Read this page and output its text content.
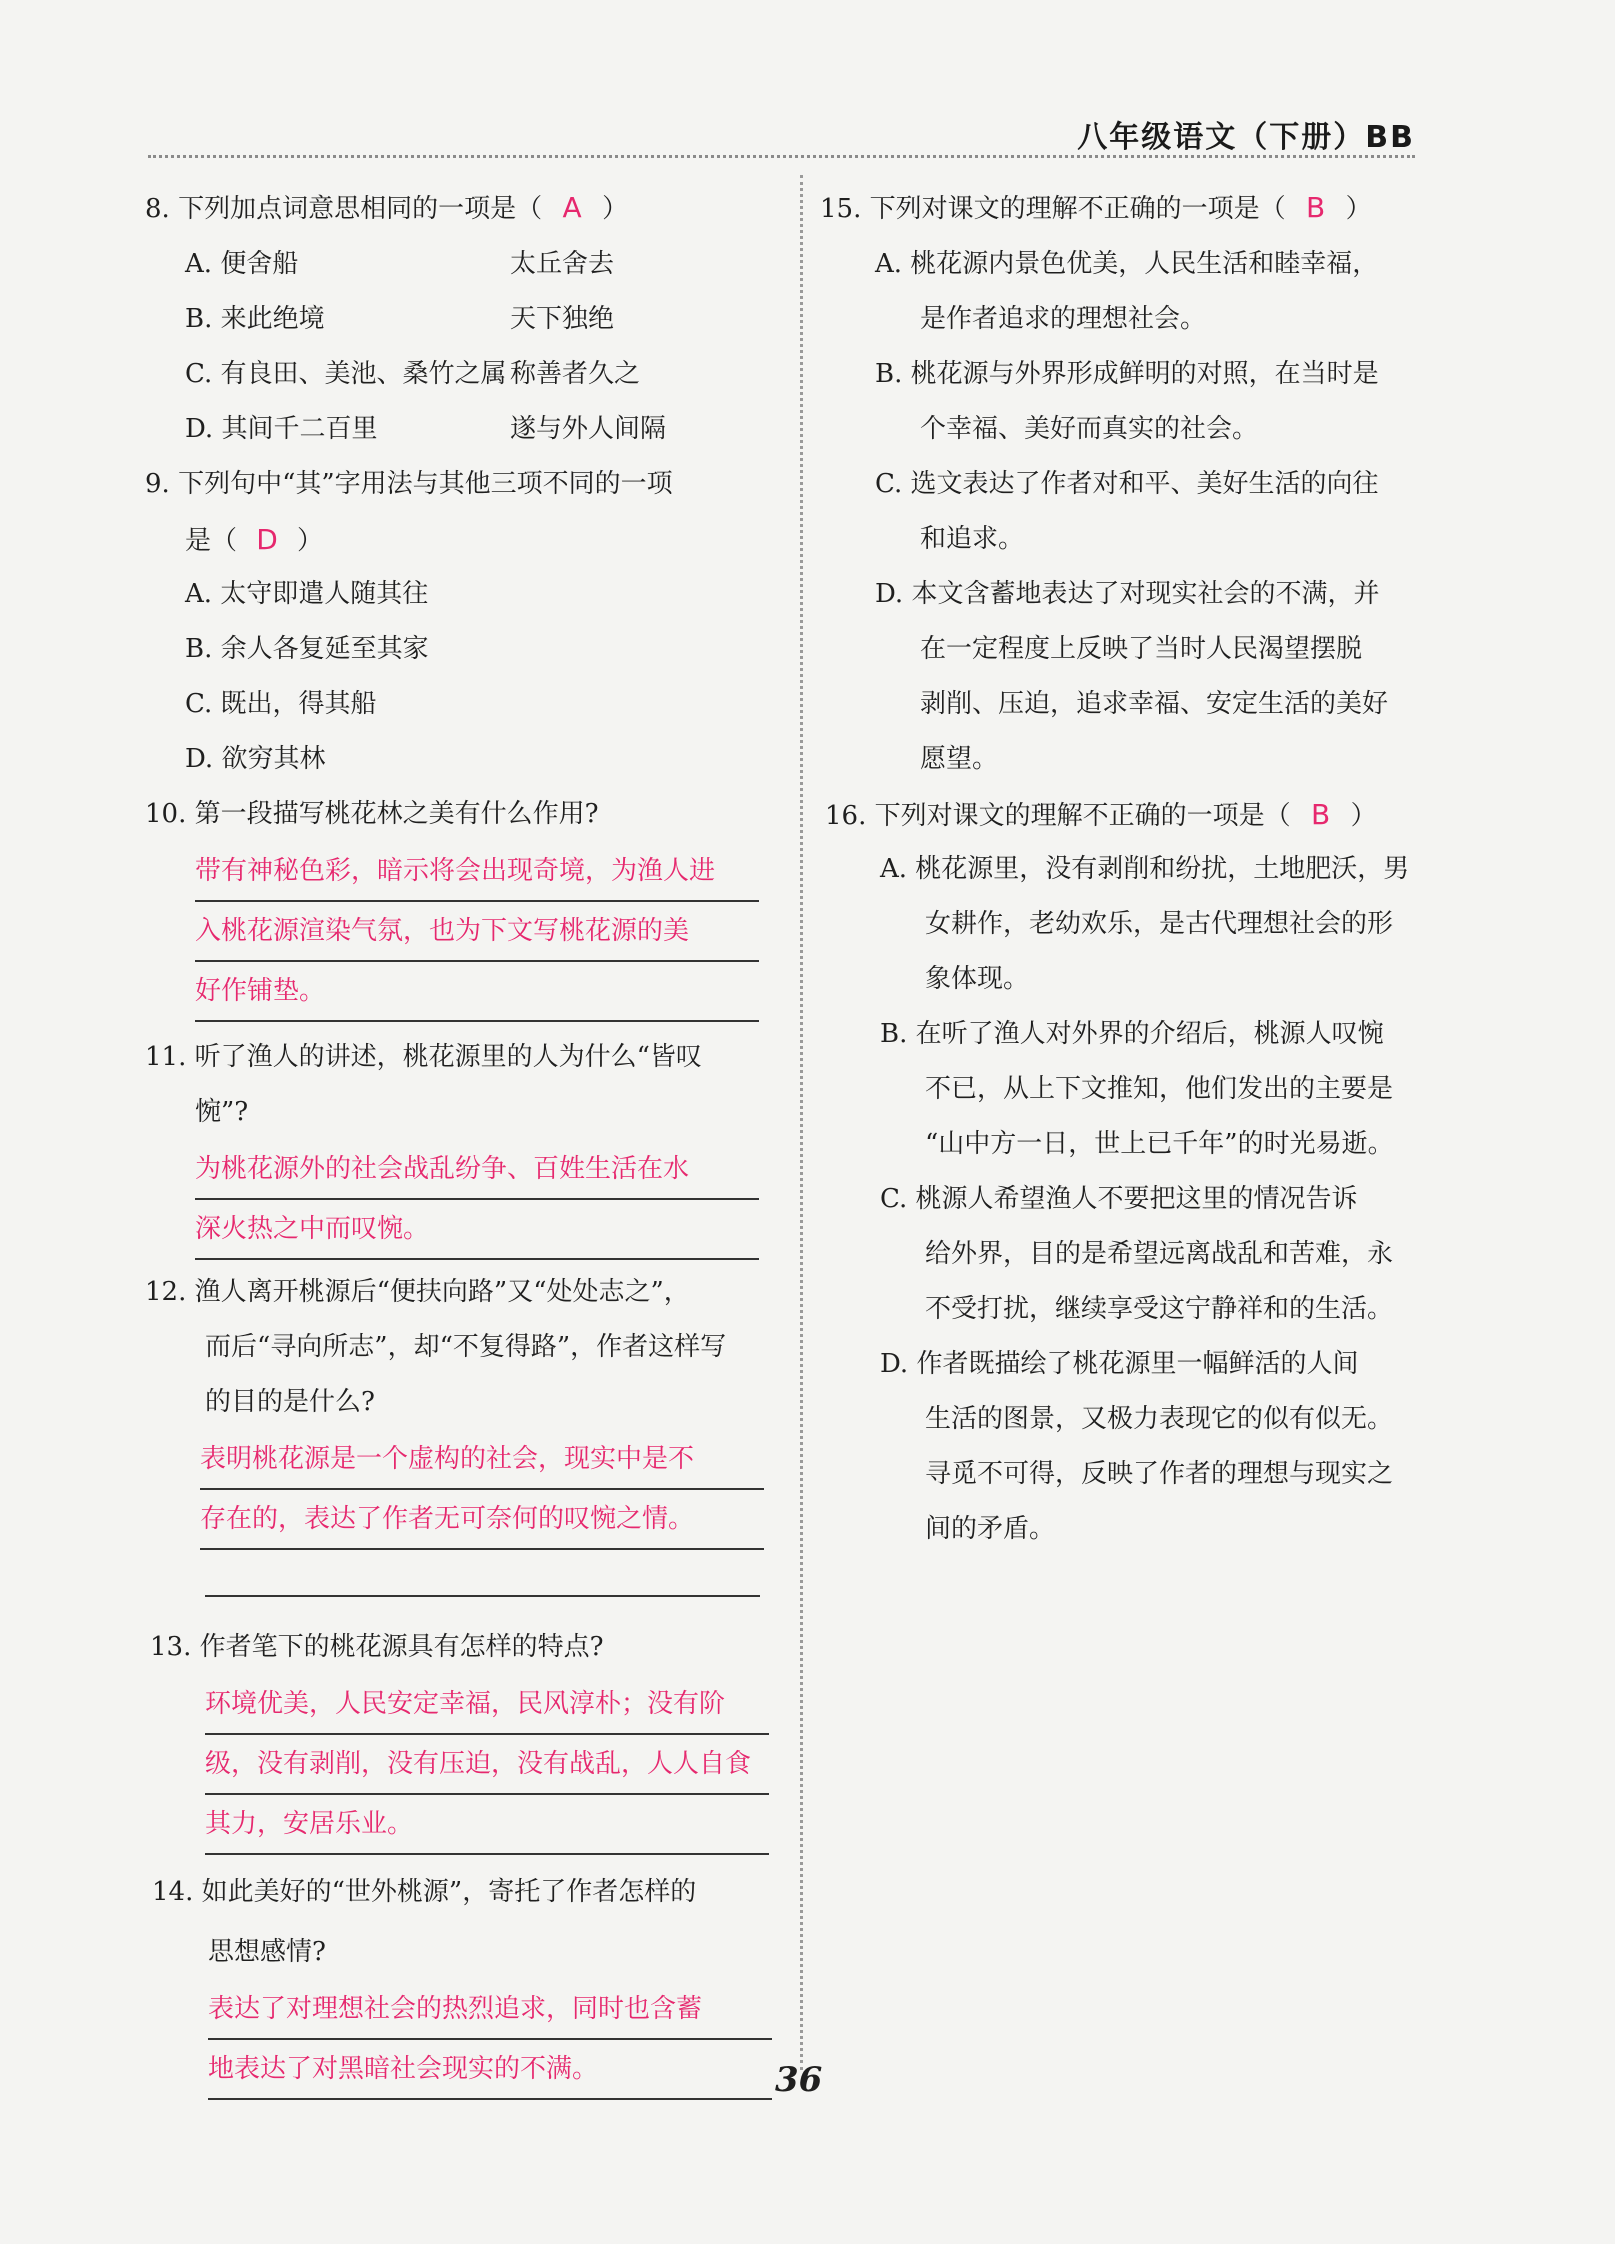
八年级语文（下册）BB
8. 下列加点词意思相同的一项是（ A ）
A. 便舍船	太丘舍去
B. 来此绝境	天下独绝
C. 有良田、美池、桑竹之属 称善者久之
D. 其间千二百里	遂与外人间隔
9. 下列句中“其”字用法与其他三项不同的一项
是（ D ）
A. 太守即遣人随其往
B. 余人各复延至其家
C. 既出，得其船
D. 欲穷其林
10. 第一段描写桃花林之美有什么作用?
带有神秘色彩，暗示将会出现奇境，为渔人进
入桃花源渲染气氛，也为下文写桃花源的美
好作铺垫。
11. 听了渔人的讲述，桃花源里的人为什么“皆叹
惋”?
为桃花源外的社会战乱纷争、百姓生活在水
深火热之中而叹惋。
12. 渔人离开桃源后“便扶向路”又“处处志之”，
而后“寻向所志”，却“不复得路”，作者这样写
的目的是什么?
表明桃花源是一个虚构的社会，现实中是不
存在的，表达了作者无可奈何的叹惋之情。
13. 作者笔下的桃花源具有怎样的特点?
环境优美，人民安定幸福，民风淳朴；没有阶
级，没有剥削，没有压迫，没有战乱，人人自食
其力，安居乐业。
14. 如此美好的“世外桃源”，寄托了作者怎样的
思想感情?
表达了对理想社会的热烈追求，同时也含蓄
地表达了对黑暗社会现实的不满。
15. 下列对课文的理解不正确的一项是（ B ）
A. 桃花源内景色优美，人民生活和睦幸福，
是作者追求的理想社会。
B. 桃花源与外界形成鲜明的对照，在当时是
个幸福、美好而真实的社会。
C. 选文表达了作者对和平、美好生活的向往
和追求。
D. 本文含蓄地表达了对现实社会的不满，并
在一定程度上反映了当时人民渴望摆脱
剥削、压迫，追求幸福、安定生活的美好
愿望。
16. 下列对课文的理解不正确的一项是（ B ）
A. 桃花源里，没有剥削和纷扰，土地肥沃，男
女耕作，老幼欢乐，是古代理想社会的形
象体现。
B. 在听了渔人对外界的介绍后，桃源人叹惋
不已，从上下文推知，他们发出的主要是
“山中方一日，世上已千年”的时光易逝。
C. 桃源人希望渔人不要把这里的情况告诉
给外界，目的是希望远离战乱和苦难，永
不受打扰，继续享受这宁静祥和的生活。
D. 作者既描绘了桃花源里一幅鲜活的人间
生活的图景，又极力表现它的似有似无。
寻觅不可得，反映了作者的理想与现实之
间的矛盾。
36
